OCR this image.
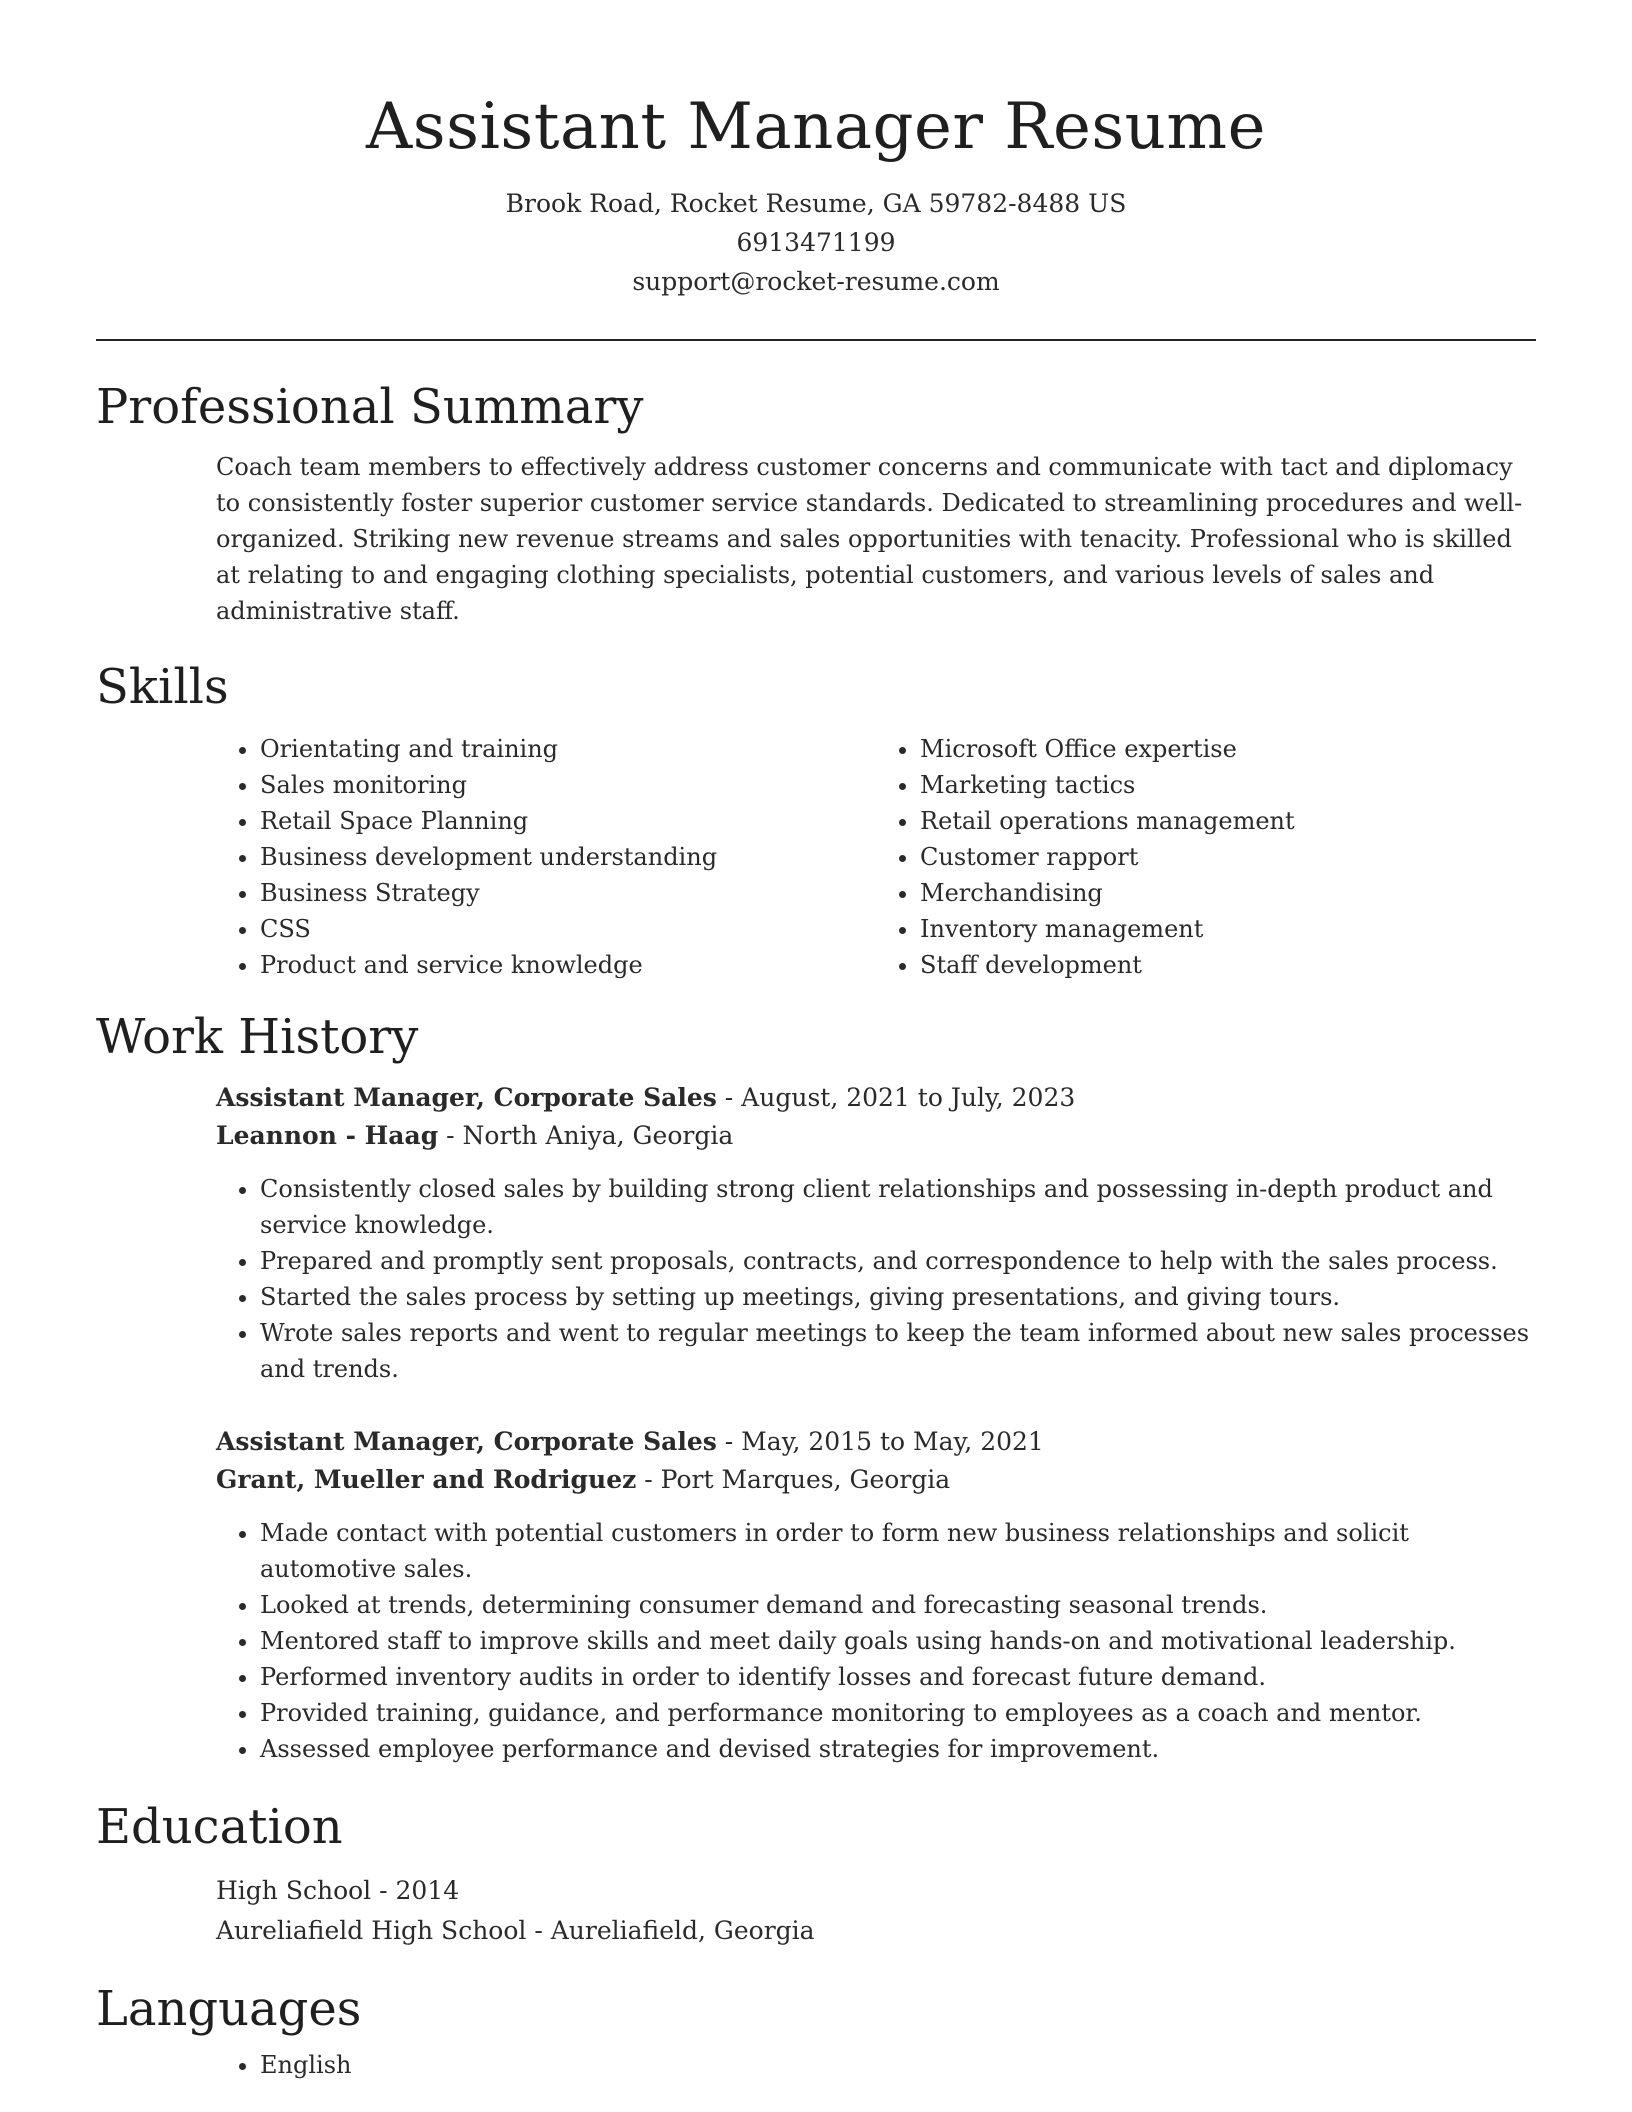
Assistant Manager Resume
Brook Road, Rocket Resume, GA 59782-8488 US
6913471199
support@rocket-resume.com
Professional Summary
Coach team members to effectively address customer concerns and communicate with tact and diplomacy to consistently foster superior customer service standards. Dedicated to streamlining procedures and well-organized. Striking new revenue streams and sales opportunities with tenacity. Professional who is skilled at relating to and engaging clothing specialists, potential customers, and various levels of sales and administrative staff.
Skills
• Orientating and training
• Sales monitoring
• Retail Space Planning
• Business development understanding
• Business Strategy
• CSS
• Product and service knowledge
• Microsoft Office expertise
• Marketing tactics
• Retail operations management
• Customer rapport
• Merchandising
• Inventory management
• Staff development
Work History
Assistant Manager, Corporate Sales - August, 2021 to July, 2023
Leannon - Haag - North Aniya, Georgia
• Consistently closed sales by building strong client relationships and possessing in-depth product and service knowledge.
• Prepared and promptly sent proposals, contracts, and correspondence to help with the sales process.
• Started the sales process by setting up meetings, giving presentations, and giving tours.
• Wrote sales reports and went to regular meetings to keep the team informed about new sales processes and trends.
Assistant Manager, Corporate Sales - May, 2015 to May, 2021
Grant, Mueller and Rodriguez - Port Marques, Georgia
• Made contact with potential customers in order to form new business relationships and solicit automotive sales.
• Looked at trends, determining consumer demand and forecasting seasonal trends.
• Mentored staff to improve skills and meet daily goals using hands-on and motivational leadership.
• Performed inventory audits in order to identify losses and forecast future demand.
• Provided training, guidance, and performance monitoring to employees as a coach and mentor.
• Assessed employee performance and devised strategies for improvement.
Education
High School - 2014
Aureliafield High School - Aureliafield, Georgia
Languages
• English
